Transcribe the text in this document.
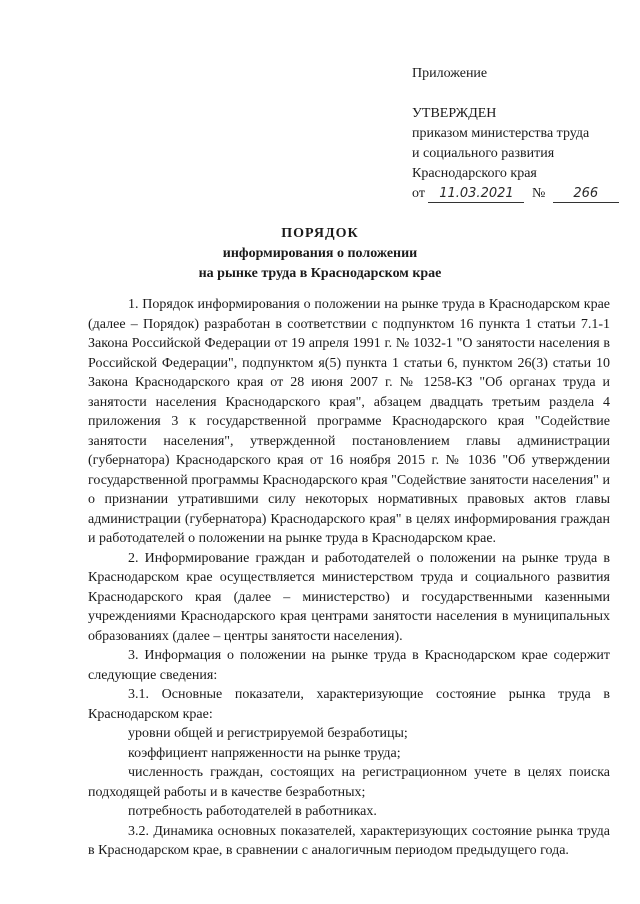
Приложение
УТВЕРЖДЕН
приказом министерства труда
и социального развития
Краснодарского края
от 11.03.2021 № 266
ПОРЯДОК
информирования о положении
на рынке труда в Краснодарском крае

1. Порядок информирования о положении на рынке труда в Краснодарском крае (далее – Порядок) разработан в соответствии с подпунктом 16 пункта 1 статьи 7.1-1 Закона Российской Федерации от 19 апреля 1991 г. № 1032-1 "О занятости населения в Российской Федерации", подпунктом я(5) пункта 1 статьи 6, пунктом 26(3) статьи 10 Закона Краснодарского края от 28 июня 2007 г. № 1258-КЗ "Об органах труда и занятости населения Краснодарского края", абзацем двадцать третьим раздела 4 приложения 3 к государственной программе Краснодарского края "Содействие занятости населения", утвержденной постановлением главы администрации (губернатора) Краснодарского края от 16 ноября 2015 г. № 1036 "Об утверждении государственной программы Краснодарского края "Содействие занятости населения" и о признании утратившими силу некоторых нормативных правовых актов главы администрации (губернатора) Краснодарского края" в целях информирования граждан и работодателей о положении на рынке труда в Краснодарском крае.

2. Информирование граждан и работодателей о положении на рынке труда в Краснодарском крае осуществляется министерством труда и социального развития Краснодарского края (далее – министерство) и государственными казенными учреждениями Краснодарского края центрами занятости населения в муниципальных образованиях (далее – центры занятости населения).

3. Информация о положении на рынке труда в Краснодарском крае содержит следующие сведения:

3.1. Основные показатели, характеризующие состояние рынка труда в Краснодарском крае:

уровни общей и регистрируемой безработицы;

коэффициент напряженности на рынке труда;

численность граждан, состоящих на регистрационном учете в целях поиска подходящей работы и в качестве безработных;

потребность работодателей в работниках.

3.2. Динамика основных показателей, характеризующих состояние рынка труда в Краснодарском крае, в сравнении с аналогичным периодом предыдущего года.
